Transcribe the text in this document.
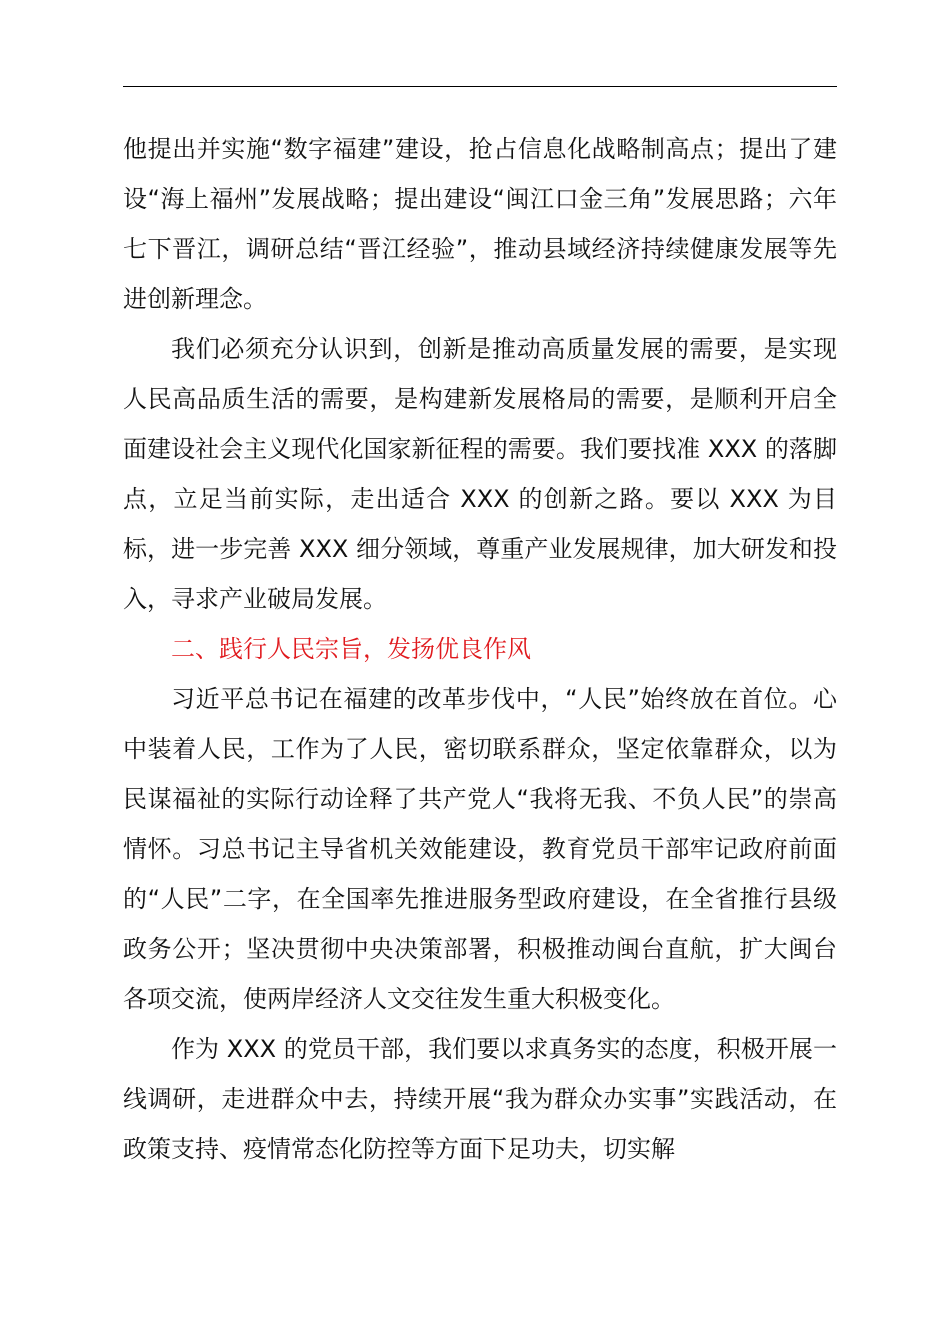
他提出并实施“数字福建”建设，抢占信息化战略制高点；提出了建设“海上福州”发展战略；提出建设“闽江口金三角”发展思路；六年七下晋江，调研总结“晋江经验”，推动县域经济持续健康发展等先进创新理念。

我们必须充分认识到，创新是推动高质量发展的需要，是实现人民高品质生活的需要，是构建新发展格局的需要，是顺利开启全面建设社会主义现代化国家新征程的需要。我们要找准 XXX 的落脚点，立足当前实际，走出适合 XXX 的创新之路。要以 XXX 为目标，进一步完善 XXX 细分领域，尊重产业发展规律，加大研发和投入，寻求产业破局发展。

二、践行人民宗旨，发扬优良作风

习近平总书记在福建的改革步伐中，“人民”始终放在首位。心中装着人民，工作为了人民，密切联系群众，坚定依靠群众，以为民谋福祉的实际行动诠释了共产党人“我将无我、不负人民”的崇高情怀。习总书记主导省机关效能建设，教育党员干部牢记政府前面的“人民”二字，在全国率先推进服务型政府建设，在全省推行县级政务公开；坚决贯彻中央决策部署，积极推动闽台直航，扩大闽台各项交流，使两岸经济人文交往发生重大积极变化。

作为 XXX 的党员干部，我们要以求真务实的态度，积极开展一线调研，走进群众中去，持续开展“我为群众办实事”实践活动，在政策支持、疫情常态化防控等方面下足功夫，切实解
